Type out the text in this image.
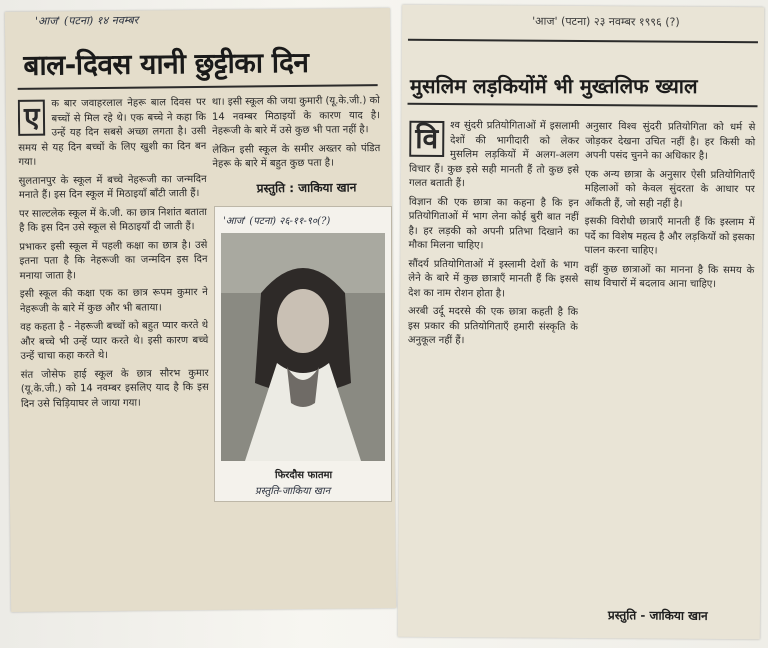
'आज' (पटना) १४ नवम्बर
बाल-दिवस यानी छुट्टीका दिन
ए	क बार जवाहरलाल नेहरू बाल दिवस पर बच्चों से मिल रहे थे। एक बच्चे ने कहा कि उन्हें यह दिन सबसे अच्छा लगता है। उसी समय से यह दिन बच्चों के लिए खुशी का दिन बन गया।

सुलतानपुर के स्कूल में बच्चे नेहरूजी का जन्मदिन मनाते हैं। इस दिन स्कूल में मिठाइयाँ बाँटी जाती हैं।

पर साल्टलेक स्कूल में के.जी. का छात्र निशांत बताता है कि इस दिन उसे स्कूल से मिठाइयाँ दी जाती हैं।

प्रभाकर इसी स्कूल में पहली कक्षा का छात्र है। उसे इतना पता है कि नेहरूजी का जन्मदिन इस दिन मनाया जाता है।

इसी स्कूल की कक्षा एक का छात्र रूपम कुमार ने नेहरूजी के बारे में कुछ और भी बताया।

वह कहता है - नेहरूजी बच्चों को बहुत प्यार करते थे और बच्चे भी उन्हें प्यार करते थे। इसी कारण बच्चे उन्हें चाचा कहा करते थे।

संत जोसेफ हाई स्कूल के छात्र सौरभ कुमार (यू.के.जी.) को 14 नवम्बर इसलिए याद है कि इस दिन उसे चिड़ियाघर ले जाया गया।

था। इसी स्कूल की जया कुमारी (यू.के.जी.) को 14 नवम्बर मिठाइयों के कारण याद है। नेहरूजी के बारे में उसे कुछ भी पता नहीं है।

लेकिन इसी स्कूल के समीर अख्तर को पंडित नेहरू के बारे में बहुत कुछ पता है।

प्रस्तुति : जाकिया खान
'आज' (पटना) २६-११-९०(?)
फिरदौस फातमा
प्रस्तुति-जाकिया खान
'आज' (पटना) २३ नवम्बर १९९६ (?)
वि	श्व सुंदरी प्रतियोगिताओं में इसलामी देशों की भागीदारी को लेकर मुसलिम लड़कियों में अलग-अलग विचार हैं। कुछ इसे सही मानती हैं तो कुछ इसे गलत बताती हैं।

विज्ञान की एक छात्रा का कहना है कि इन प्रतियोगिताओं में भाग लेना कोई बुरी बात नहीं है। हर लड़की को अपनी प्रतिभा दिखाने का मौका मिलना चाहिए।

सौंदर्य प्रतियोगिताओं में इस्लामी देशों के भाग लेने के बारे में कुछ छात्राएँ मानती हैं कि इससे देश का नाम रोशन होता है।

अरबी उर्दू मदरसे की एक छात्रा कहती है कि इस प्रकार की प्रतियोगिताएँ हमारी संस्कृति के अनुकूल नहीं हैं।

अनुसार विश्व सुंदरी प्रतियोगिता को धर्म से जोड़कर देखना उचित नहीं है। हर किसी को अपनी पसंद चुनने का अधिकार है।

एक अन्य छात्रा के अनुसार ऐसी प्रतियोगिताएँ महिलाओं को केवल सुंदरता के आधार पर आँकती हैं, जो सही नहीं है।

इसकी विरोधी छात्राएँ मानती हैं कि इस्लाम में पर्दे का विशेष महत्व है और लड़कियों को इसका पालन करना चाहिए।

वहीं कुछ छात्राओं का मानना है कि समय के साथ विचारों में बदलाव आना चाहिए।

प्रस्तुति - जाकिया खान
मुसलिम लड़कियोंमें भी मुख्तलिफ ख्याल
